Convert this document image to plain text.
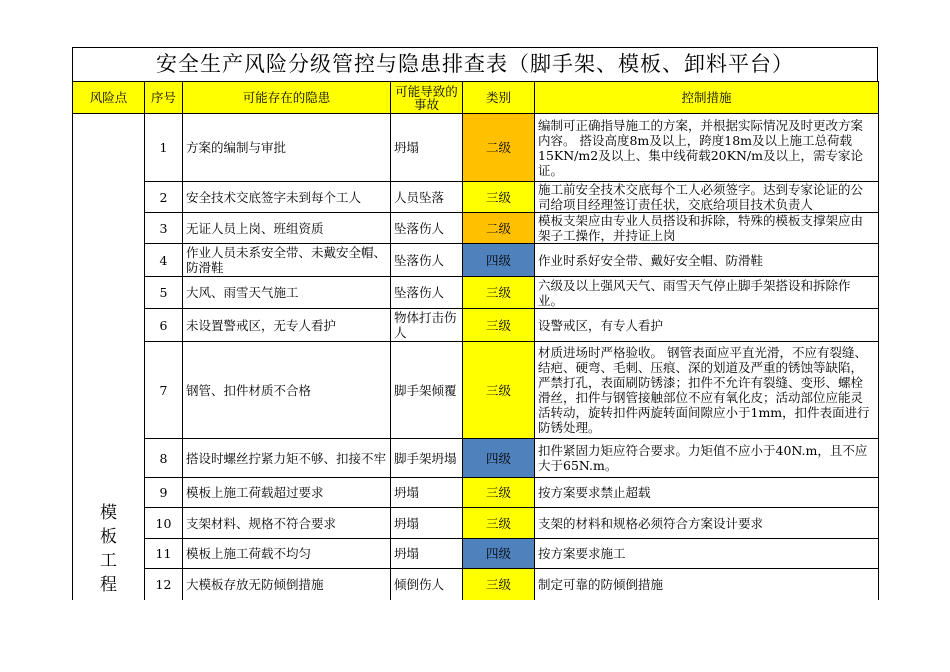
安全生产风险分级管控与隐患排查表（脚手架、模板、卸料平台）
风险点	序号	可能存在的隐患	可能导致的事故	类别	控制措施
模板工程	1	方案的编制与审批	坍塌	二级	编制可正确指导施工的方案，并根据实际情况及时更改方案内容。 搭设高度8m及以上，跨度18m及以上施工总荷载15KN/m2及以上、集中线荷载20KN/m及以上，需专家论证。
	2	安全技术交底签字未到每个工人	人员坠落	三级	施工前安全技术交底每个工人必须签字。达到专家论证的公司给项目经理签订责任状，交底给项目技术负责人
	3	无证人员上岗、班组资质	坠落伤人	二级	模板支架应由专业人员搭设和拆除，特殊的模板支撑架应由架子工操作，并持证上岗
	4	作业人员未系安全带、未戴安全帽、防滑鞋	坠落伤人	四级	作业时系好安全带、戴好安全帽、防滑鞋
	5	大风、雨雪天气施工	坠落伤人	三级	六级及以上强风天气、雨雪天气停止脚手架搭设和拆除作业。
	6	未设置警戒区，无专人看护	物体打击伤人	三级	设警戒区，有专人看护
	7	钢管、扣件材质不合格	脚手架倾覆	三级	材质进场时严格验收。 钢管表面应平直光滑，不应有裂缝、结疤、硬弯、毛刺、压痕、深的划道及严重的锈蚀等缺陷，严禁打孔，表面刷防锈漆；扣件不允许有裂缝、变形、螺栓滑丝，扣件与钢管接触部位不应有氧化皮；活动部位应能灵活转动，旋转扣件两旋转面间隙应小于1mm，扣件表面进行防锈处理。
	8	搭设时螺丝拧紧力矩不够、扣接不牢	脚手架坍塌	四级	扣件紧固力矩应符合要求。力矩值不应小于40N.m，且不应大于65N.m。
	9	模板上施工荷载超过要求	坍塌	三级	按方案要求禁止超载
	10	支架材料、规格不符合要求	坍塌	三级	支架的材料和规格必须符合方案设计要求
	11	模板上施工荷载不均匀	坍塌	四级	按方案要求施工
	12	大模板存放无防倾倒措施	倾倒伤人	三级	制定可靠的防倾倒措施
